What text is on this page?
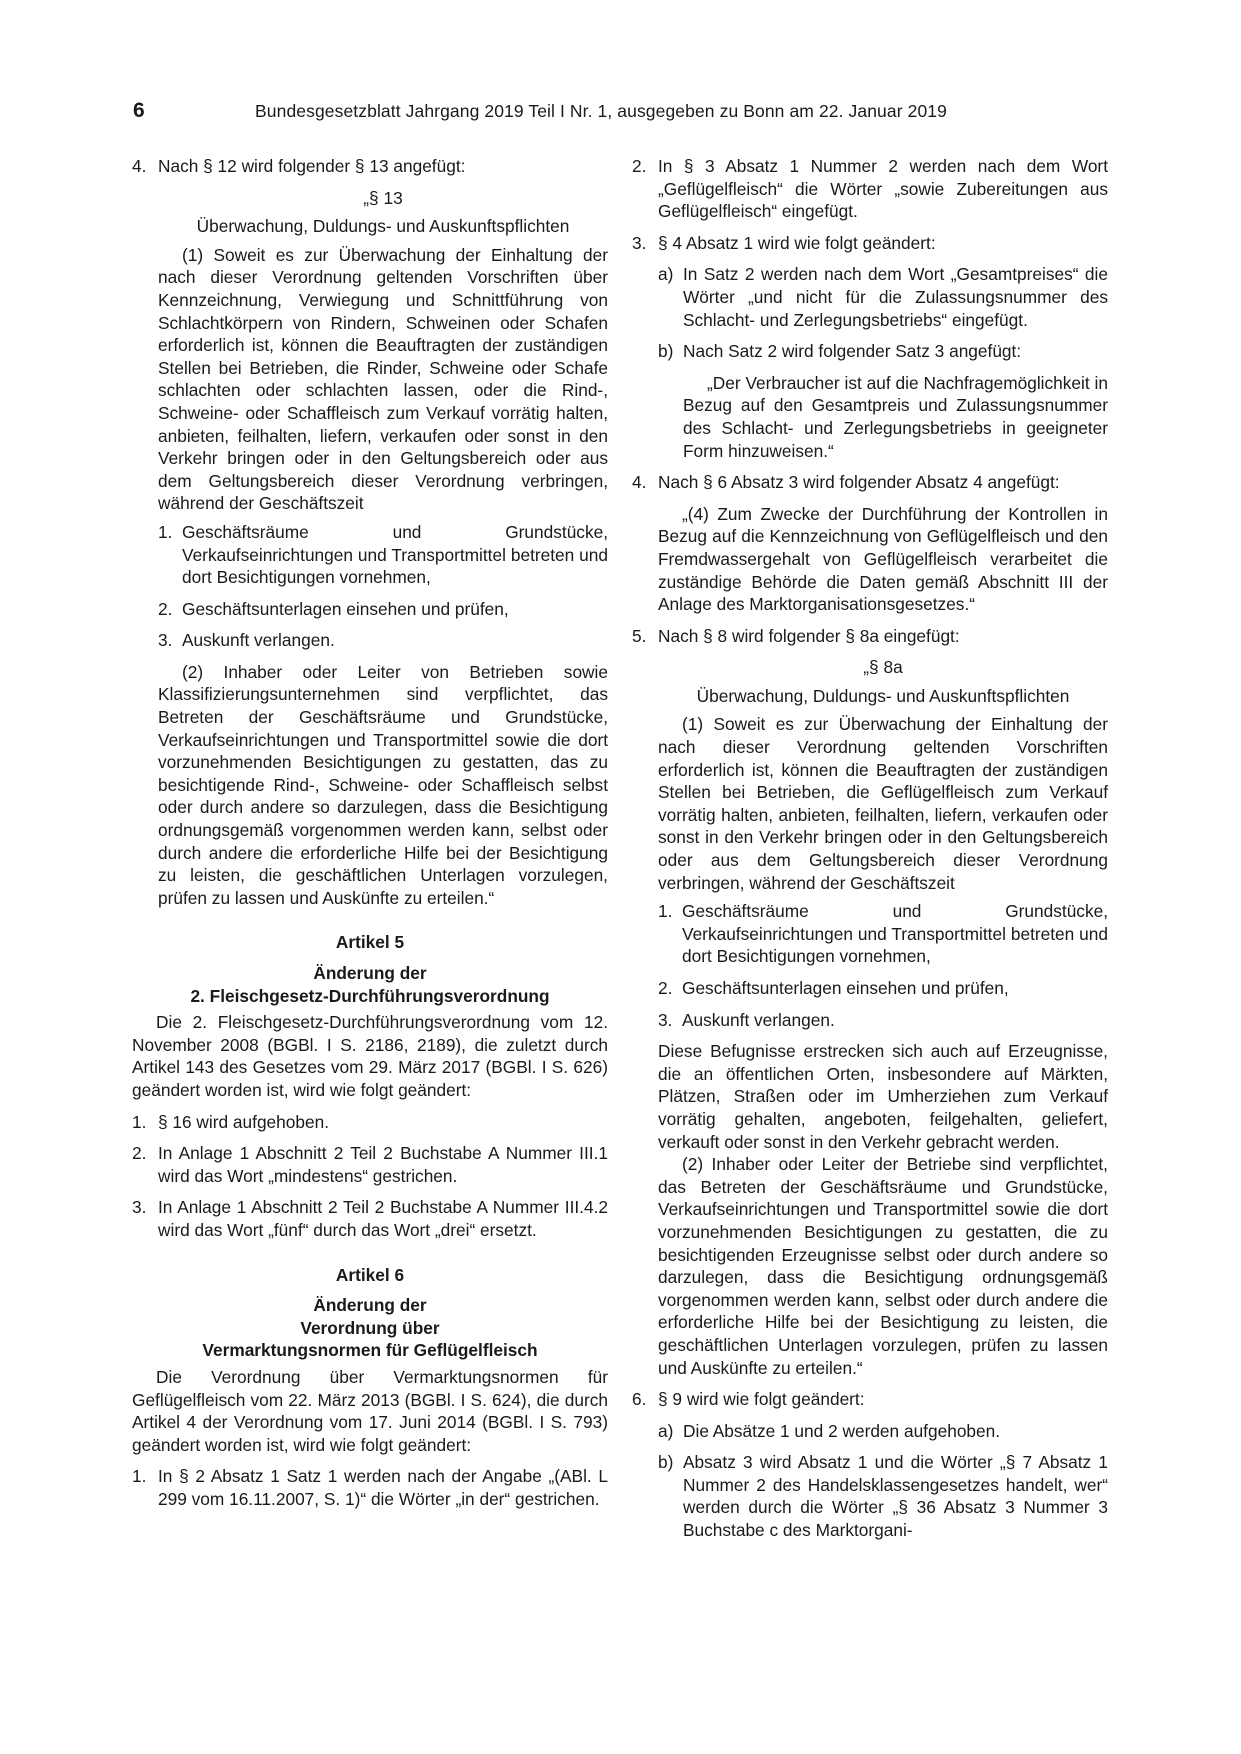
6	Bundesgesetzblatt Jahrgang 2019 Teil I Nr. 1, ausgegeben zu Bonn am 22. Januar 2019
4. Nach § 12 wird folgender § 13 angefügt:

„§ 13

Überwachung, Duldungs- und Auskunftspflichten

(1) Soweit es zur Überwachung der Einhaltung der nach dieser Verordnung geltenden Vorschriften über Kennzeichnung, Verwiegung und Schnittführung von Schlachtkörpern von Rindern, Schweinen oder Schafen erforderlich ist, können die Beauftragten der zuständigen Stellen bei Betrieben, die Rinder, Schweine oder Schafe schlachten oder schlachten lassen, oder die Rind-, Schweine- oder Schaffleisch zum Verkauf vorrätig halten, anbieten, feilhalten, liefern, verkaufen oder sonst in den Verkehr bringen oder in den Geltungsbereich oder aus dem Geltungsbereich dieser Verordnung verbringen, während der Geschäftszeit

1. Geschäftsräume und Grundstücke, Verkaufseinrichtungen und Transportmittel betreten und dort Besichtigungen vornehmen,
2. Geschäftsunterlagen einsehen und prüfen,
3. Auskunft verlangen.

(2) Inhaber oder Leiter von Betrieben sowie Klassifizierungsunternehmen sind verpflichtet, das Betreten der Geschäftsräume und Grundstücke, Verkaufseinrichtungen und Transportmittel sowie die dort vorzunehmenden Besichtigungen zu gestatten, das zu besichtigende Rind-, Schweine- oder Schaffleisch selbst oder durch andere so darzulegen, dass die Besichtigung ordnungsgemäß vorgenommen werden kann, selbst oder durch andere die erforderliche Hilfe bei der Besichtigung zu leisten, die geschäftlichen Unterlagen vorzulegen, prüfen zu lassen und Auskünfte zu erteilen.“

Artikel 5

Änderung der

2. Fleischgesetz-Durchführungsverordnung

Die 2. Fleischgesetz-Durchführungsverordnung vom 12. November 2008 (BGBl. I S. 2186, 2189), die zuletzt durch Artikel 143 des Gesetzes vom 29. März 2017 (BGBl. I S. 626) geändert worden ist, wird wie folgt geändert:

1. § 16 wird aufgehoben.
2. In Anlage 1 Abschnitt 2 Teil 2 Buchstabe A Nummer III.1 wird das Wort „mindestens“ gestrichen.
3. In Anlage 1 Abschnitt 2 Teil 2 Buchstabe A Nummer III.4.2 wird das Wort „fünf“ durch das Wort „drei“ ersetzt.

Artikel 6

Änderung der

Verordnung über

Vermarktungsnormen für Geflügelfleisch

Die Verordnung über Vermarktungsnormen für Geflügelfleisch vom 22. März 2013 (BGBl. I S. 624), die durch Artikel 4 der Verordnung vom 17. Juni 2014 (BGBl. I S. 793) geändert worden ist, wird wie folgt geändert:

1. In § 2 Absatz 1 Satz 1 werden nach der Angabe „(ABl. L 299 vom 16.11.2007, S. 1)“ die Wörter „in der“ gestrichen.
2. In § 3 Absatz 1 Nummer 2 werden nach dem Wort „Geflügelfleisch“ die Wörter „sowie Zubereitungen aus Geflügelfleisch“ eingefügt.
3. § 4 Absatz 1 wird wie folgt geändert:
a) In Satz 2 werden nach dem Wort „Gesamtpreises“ die Wörter „und nicht für die Zulassungsnummer des Schlacht- und Zerlegungsbetriebs“ eingefügt.
b) Nach Satz 2 wird folgender Satz 3 angefügt:

„Der Verbraucher ist auf die Nachfragemöglichkeit in Bezug auf den Gesamtpreis und Zulassungsnummer des Schlacht- und Zerlegungsbetriebs in geeigneter Form hinzuweisen.“

4. Nach § 6 Absatz 3 wird folgender Absatz 4 angefügt:

„(4) Zum Zwecke der Durchführung der Kontrollen in Bezug auf die Kennzeichnung von Geflügelfleisch und den Fremdwassergehalt von Geflügelfleisch verarbeitet die zuständige Behörde die Daten gemäß Abschnitt III der Anlage des Marktorganisationsgesetzes.“

5. Nach § 8 wird folgender § 8a eingefügt:

„§ 8a

Überwachung, Duldungs- und Auskunftspflichten

(1) Soweit es zur Überwachung der Einhaltung der nach dieser Verordnung geltenden Vorschriften erforderlich ist, können die Beauftragten der zuständigen Stellen bei Betrieben, die Geflügelfleisch zum Verkauf vorrätig halten, anbieten, feilhalten, liefern, verkaufen oder sonst in den Verkehr bringen oder in den Geltungsbereich oder aus dem Geltungsbereich dieser Verordnung verbringen, während der Geschäftszeit

1. Geschäftsräume und Grundstücke, Verkaufseinrichtungen und Transportmittel betreten und dort Besichtigungen vornehmen,
2. Geschäftsunterlagen einsehen und prüfen,
3. Auskunft verlangen.

Diese Befugnisse erstrecken sich auch auf Erzeugnisse, die an öffentlichen Orten, insbesondere auf Märkten, Plätzen, Straßen oder im Umherziehen zum Verkauf vorrätig gehalten, angeboten, feilgehalten, geliefert, verkauft oder sonst in den Verkehr gebracht werden.

(2) Inhaber oder Leiter der Betriebe sind verpflichtet, das Betreten der Geschäftsräume und Grundstücke, Verkaufseinrichtungen und Transportmittel sowie die dort vorzunehmenden Besichtigungen zu gestatten, die zu besichtigenden Erzeugnisse selbst oder durch andere so darzulegen, dass die Besichtigung ordnungsgemäß vorgenommen werden kann, selbst oder durch andere die erforderliche Hilfe bei der Besichtigung zu leisten, die geschäftlichen Unterlagen vorzulegen, prüfen zu lassen und Auskünfte zu erteilen.“

6. § 9 wird wie folgt geändert:
a) Die Absätze 1 und 2 werden aufgehoben.
b) Absatz 3 wird Absatz 1 und die Wörter „§ 7 Absatz 1 Nummer 2 des Handelsklassengesetzes handelt, wer“ werden durch die Wörter „§ 36 Absatz 3 Nummer 3 Buchstabe c des Marktorgani-
